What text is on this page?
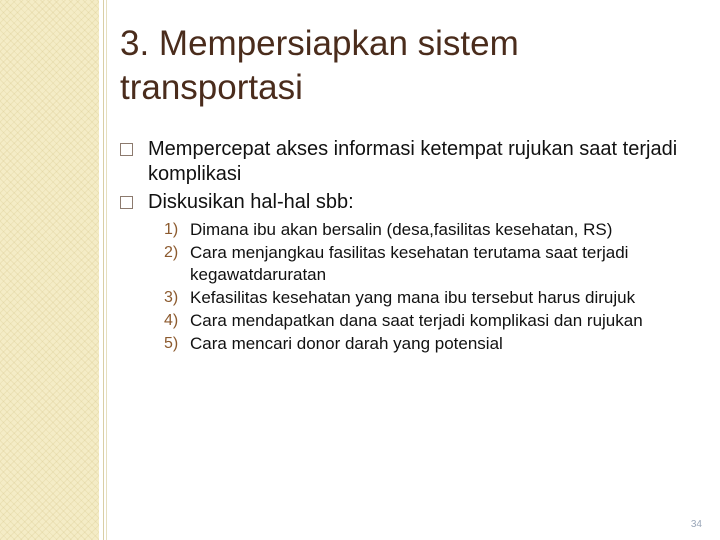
3. Mempersiapkan sistem transportasi
Mempercepat akses informasi ketempat rujukan saat terjadi komplikasi
Diskusikan hal-hal sbb:
1) Dimana ibu akan bersalin (desa,fasilitas kesehatan, RS)
2) Cara menjangkau fasilitas kesehatan terutama saat terjadi kegawatdaruratan
3) Kefasilitas kesehatan yang mana ibu tersebut harus dirujuk
4) Cara mendapatkan dana saat terjadi komplikasi dan rujukan
5) Cara mencari donor darah yang potensial
34
